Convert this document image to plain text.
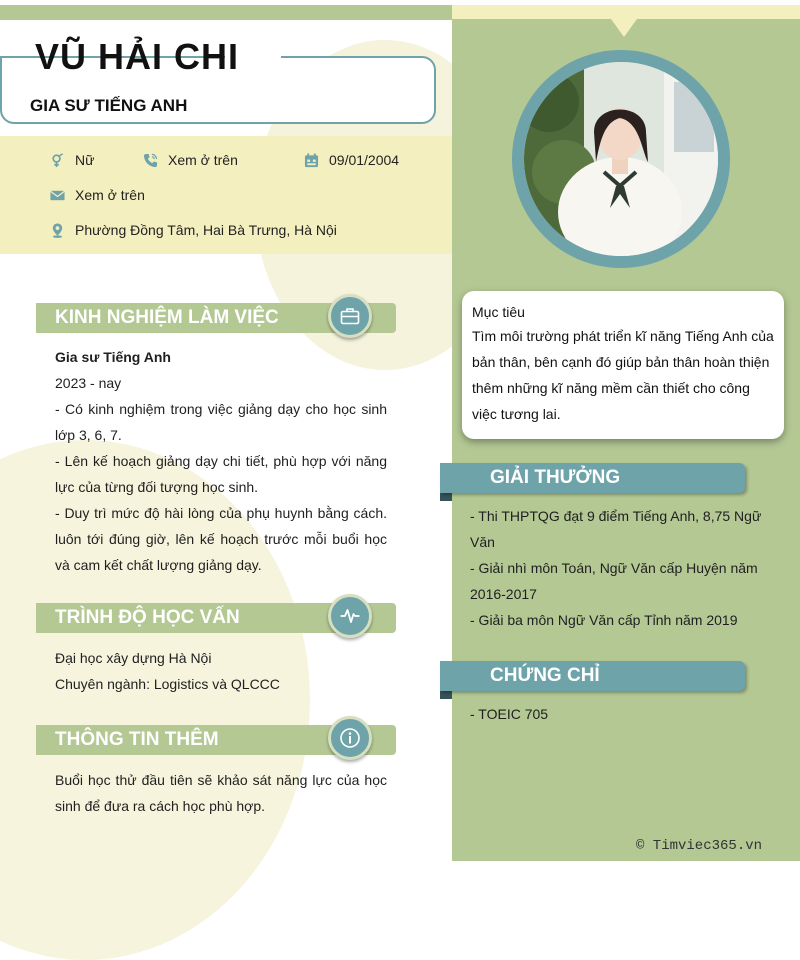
VŨ HẢI CHI
GIA SƯ TIẾNG ANH
Nữ	Xem ở trên	09/01/2004
Xem ở trên
Phường Đồng Tâm, Hai Bà Trưng, Hà Nội
Mục tiêu
Tìm môi trường phát triển kĩ năng Tiếng Anh của bản thân, bên cạnh đó giúp bản thân hoàn thiện thêm những kĩ năng mềm cần thiết cho công việc tương lai.
KINH NGHIỆM LÀM VIỆC

Gia sư Tiếng Anh

2023 - nay

- Có kinh nghiệm trong việc giảng dạy cho học sinh lớp 3, 6, 7.

- Lên kế hoạch giảng dạy chi tiết, phù hợp với năng lực của từng đối tượng học sinh.

- Duy trì mức độ hài lòng của phụ huynh bằng cách. luôn tới đúng giờ, lên kế hoạch trước mỗi buổi học và cam kết chất lượng giảng dạy.

TRÌNH ĐỘ HỌC VẤN

Đại học xây dựng Hà Nội

Chuyên ngành: Logistics và QLCCC

THÔNG TIN THÊM

Buổi học thử đầu tiên sẽ khảo sát năng lực của học sinh để đưa ra cách học phù hợp.

GIẢI THƯỞNG

- Thi THPTQG đạt 9 điểm Tiếng Anh, 8,75 Ngữ Văn

- Giải nhì môn Toán, Ngữ Văn cấp Huyện năm 2016-2017

- Giải ba môn Ngữ Văn cấp Tỉnh năm 2019

CHỨNG CHỈ

- TOEIC 705

© Timviec365.vn
